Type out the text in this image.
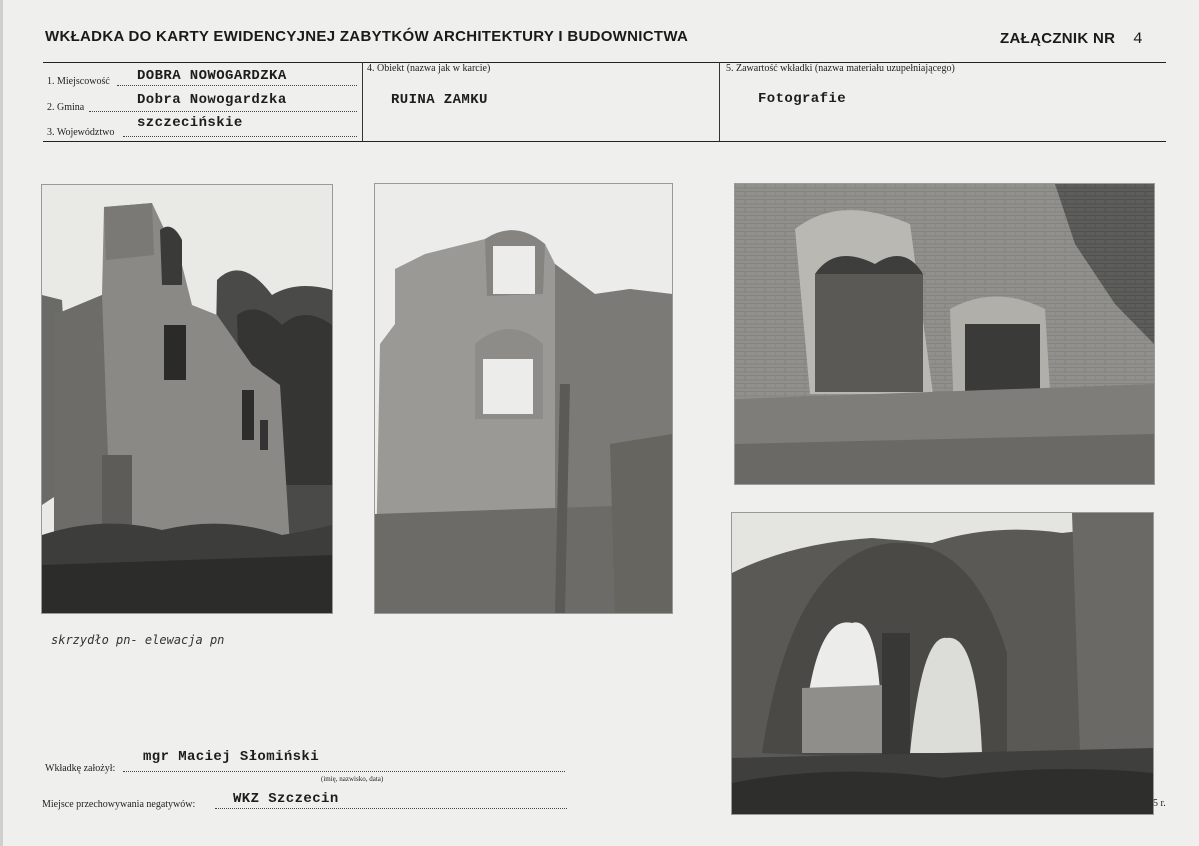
WKŁADKA DO KARTY EWIDENCYJNEJ ZABYTKÓW ARCHITEKTURY I BUDOWNICTWA	ZAŁĄCZNIK NR 4
1. Miejscowość DOBRA NOWOGARDZKA
2. Gmina	Dobra Nowogardzka
3. Województwo
szczecińskie
4. Obiekt (nazwa jak w karcie)
RUINA ZAMKU
5. Zawartość wkładki (nazwa materiału uzupełniającego)
Fotografie
skrzydło pn- elewacja pn
Wkładkę założył:
mgr Maciej Słomiński
(imię, nazwisko, data)
Miejsce przechowywania negatywów:	WKZ Szczecin	5 r.
